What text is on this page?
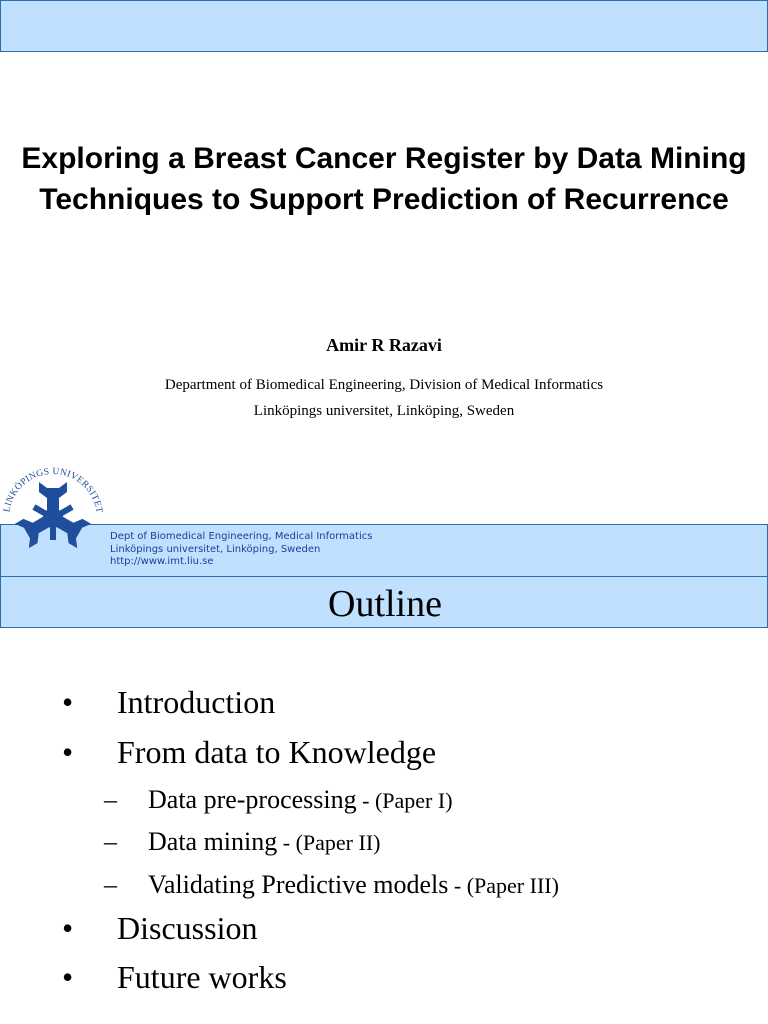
Exploring a Breast Cancer Register by Data Mining Techniques to Support Prediction of Recurrence
Amir R Razavi
Department of Biomedical Engineering, Division of Medical Informatics
Linköpings universitet, Linköping, Sweden
LINKÖPINGS UNIVERSITET
Dept of Biomedical Engineering, Medical Informatics
Linköpings universitet, Linköping, Sweden
http://www.imt.liu.se
Outline
• Introduction
• From data to Knowledge
– Data pre-processing - (Paper I)
– Data mining - (Paper II)
– Validating Predictive models - (Paper III)
• Discussion
• Future works
